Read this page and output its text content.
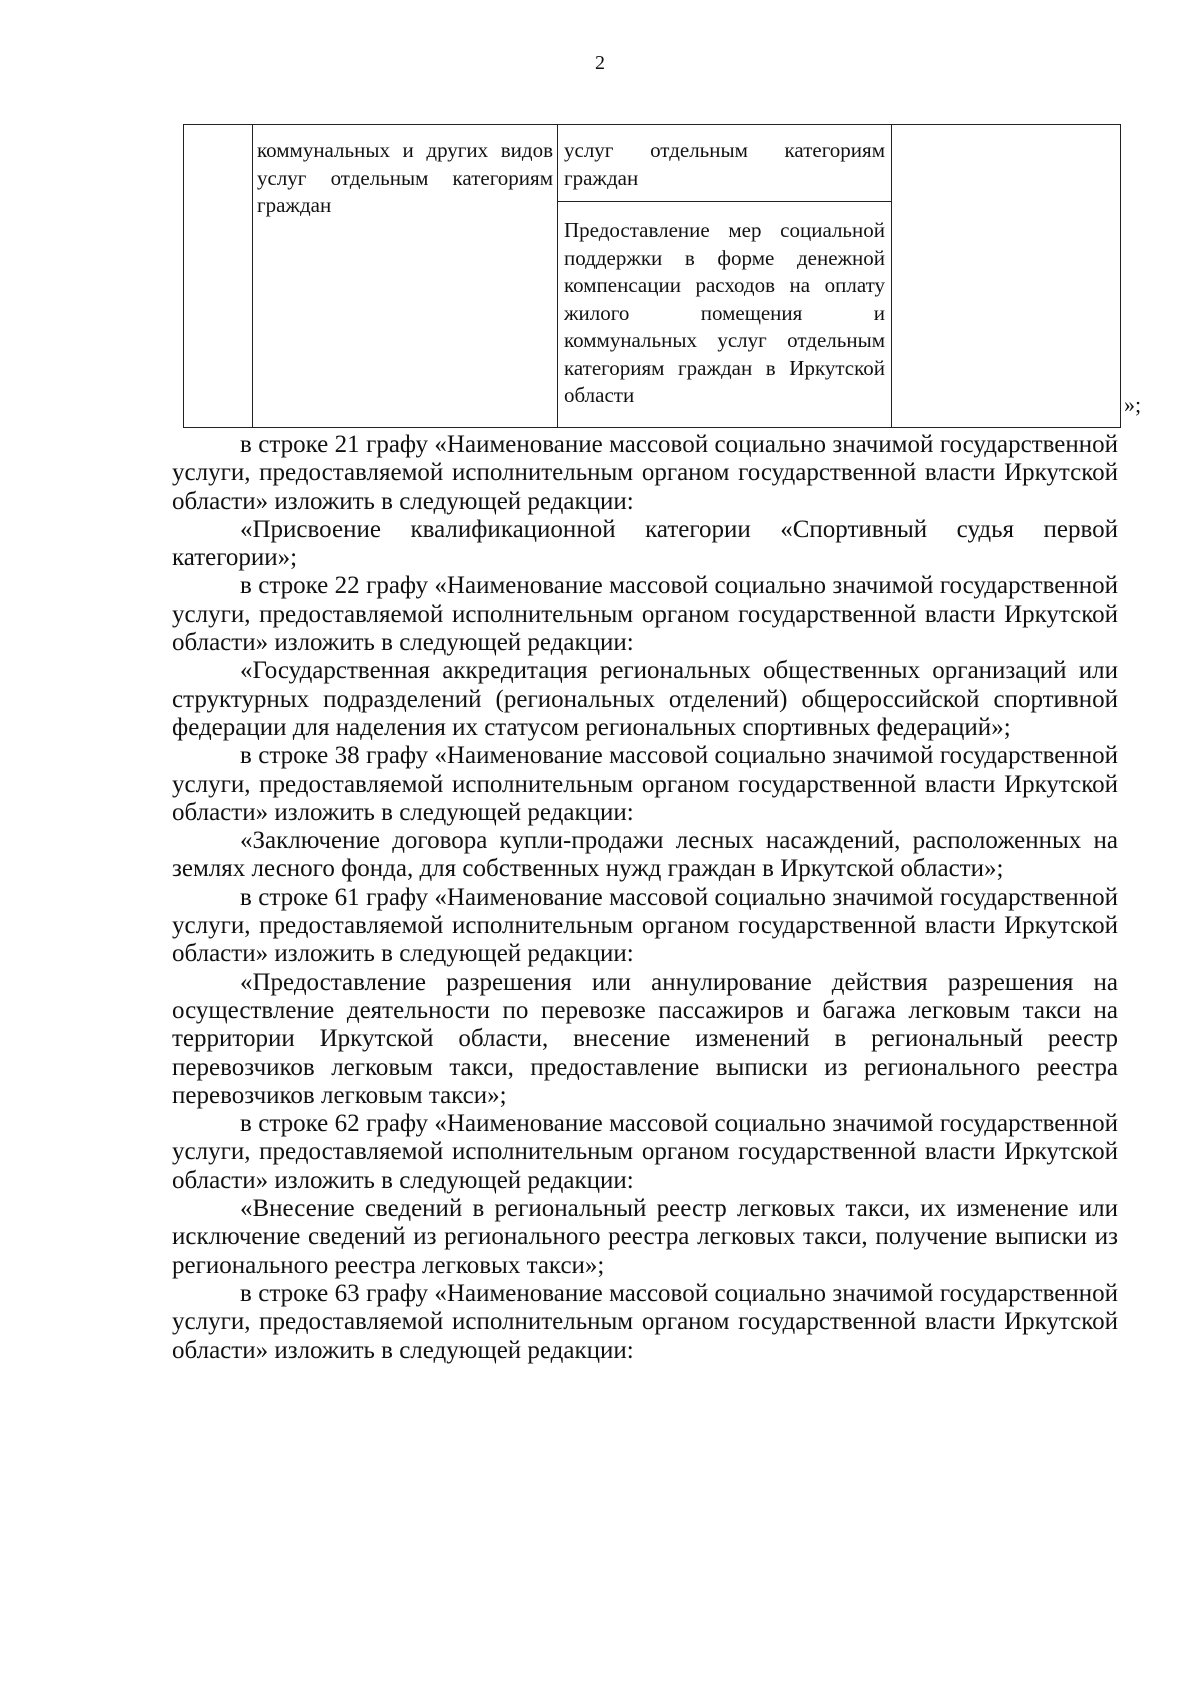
2
коммунальных и других видов услуг отдельным категориям граждан
услуг отдельным категориям граждан
Предоставление мер социальной поддержки в форме денежной компенсации расходов на оплату жилого помещения и коммунальных услуг отдельным категориям граждан в Иркутской области	»;

в строке 21 графу «Наименование массовой социально значимой государственной услуги, предоставляемой исполнительным органом государственной власти Иркутской области» изложить в следующей редакции:

«Присвоение квалификационной категории «Спортивный судья первой категории»;

в строке 22 графу «Наименование массовой социально значимой государственной услуги, предоставляемой исполнительным органом государственной власти Иркутской области» изложить в следующей редакции:

«Государственная аккредитация региональных общественных организаций или структурных подразделений (региональных отделений) общероссийской спортивной федерации для наделения их статусом региональных спортивных федераций»;

в строке 38 графу «Наименование массовой социально значимой государственной услуги, предоставляемой исполнительным органом государственной власти Иркутской области» изложить в следующей редакции:

«Заключение договора купли-продажи лесных насаждений, расположенных на землях лесного фонда, для собственных нужд граждан в Иркутской области»;

в строке 61 графу «Наименование массовой социально значимой государственной услуги, предоставляемой исполнительным органом государственной власти Иркутской области» изложить в следующей редакции:

«Предоставление разрешения или аннулирование действия разрешения на осуществление деятельности по перевозке пассажиров и багажа легковым такси на территории Иркутской области, внесение изменений в региональный реестр перевозчиков легковым такси, предоставление выписки из регионального реестра перевозчиков легковым такси»;

в строке 62 графу «Наименование массовой социально значимой государственной услуги, предоставляемой исполнительным органом государственной власти Иркутской области» изложить в следующей редакции:

«Внесение сведений в региональный реестр легковых такси, их изменение или исключение сведений из регионального реестра легковых такси, получение выписки из регионального реестра легковых такси»;

в строке 63 графу «Наименование массовой социально значимой государственной услуги, предоставляемой исполнительным органом государственной власти Иркутской области» изложить в следующей редакции:
